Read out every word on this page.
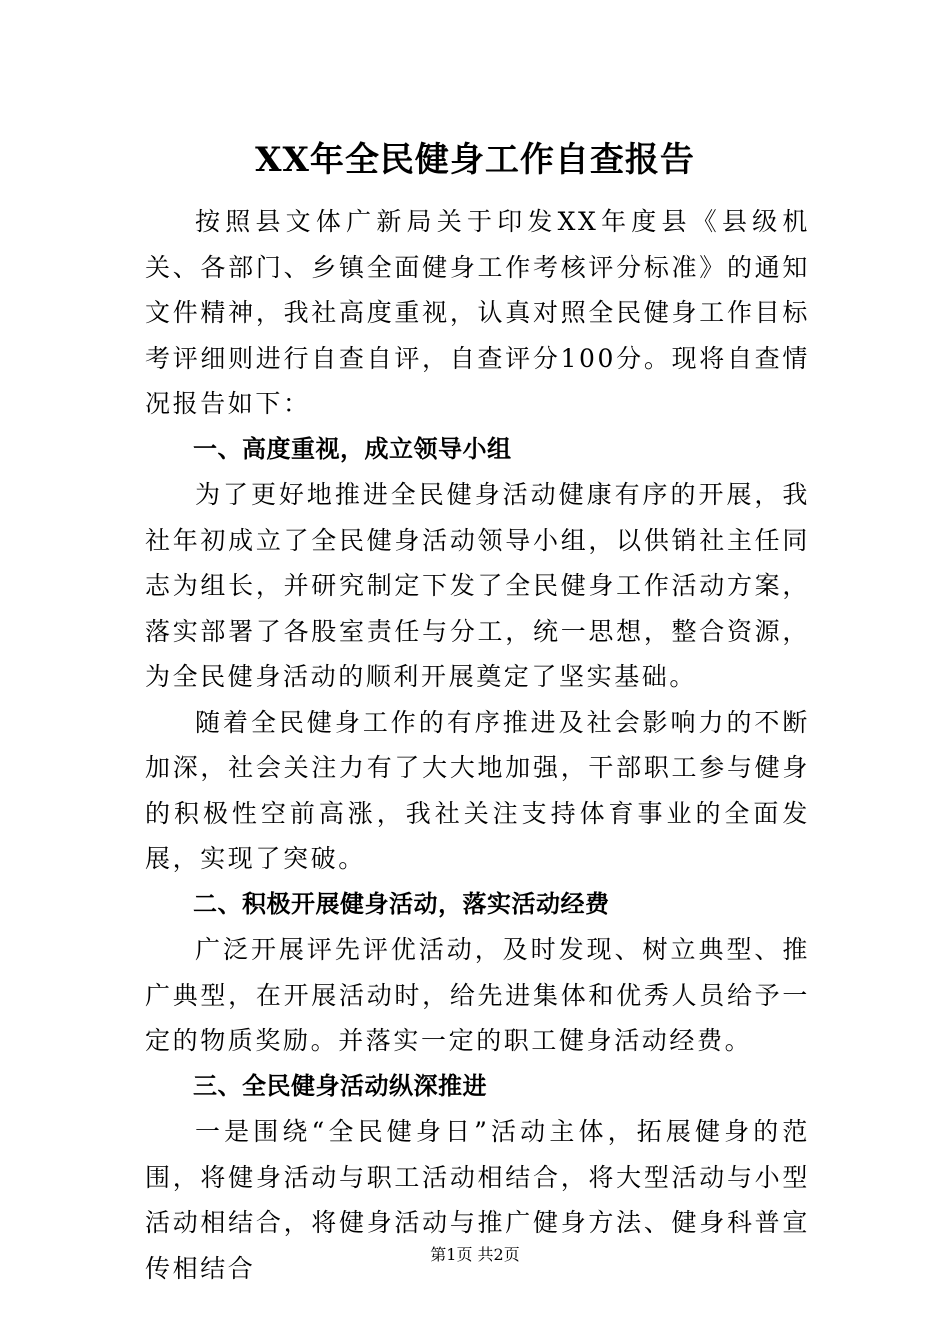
XX年全民健身工作自查报告

按照县文体广新局关于印发XX年度县《县级机关、各部门、乡镇全面健身工作考核评分标准》的通知文件精神，我社高度重视，认真对照全民健身工作目标考评细则进行自查自评，自查评分100分。现将自查情况报告如下：

一、高度重视，成立领导小组

为了更好地推进全民健身活动健康有序的开展，我社年初成立了全民健身活动领导小组，以供销社主任同志为组长，并研究制定下发了全民健身工作活动方案，落实部署了各股室责任与分工，统一思想，整合资源，为全民健身活动的顺利开展奠定了坚实基础。

随着全民健身工作的有序推进及社会影响力的不断加深，社会关注力有了大大地加强，干部职工参与健身的积极性空前高涨，我社关注支持体育事业的全面发展，实现了突破。

二、积极开展健身活动，落实活动经费

广泛开展评先评优活动，及时发现、树立典型、推广典型，在开展活动时，给先进集体和优秀人员给予一定的物质奖励。并落实一定的职工健身活动经费。

三、全民健身活动纵深推进

一是围绕“全民健身日”活动主体，拓展健身的范围，将健身活动与职工活动相结合，将大型活动与小型活动相结合，将健身活动与推广健身方法、健身科普宣传相结合	第1页 共2页
